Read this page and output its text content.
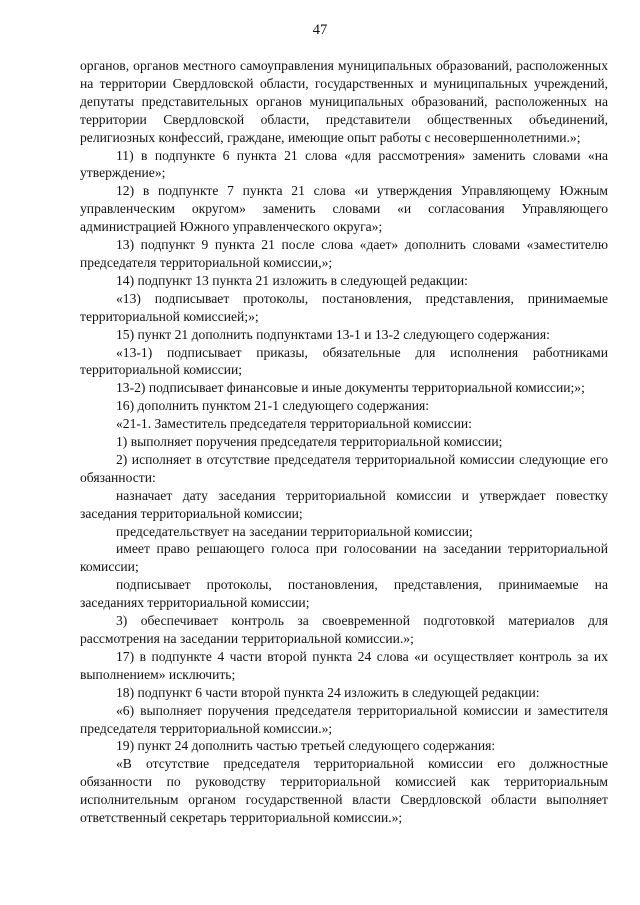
47

органов, органов местного самоуправления муниципальных образований, расположенных на территории Свердловской области, государственных и муниципальных учреждений, депутаты представительных органов муниципальных образований, расположенных на территории Свердловской области, представители общественных объединений, религиозных конфессий, граждане, имеющие опыт работы с несовершеннолетними.»;

11) в подпункте 6 пункта 21 слова «для рассмотрения» заменить словами «на утверждение»;

12) в подпункте 7 пункта 21 слова «и утверждения Управляющему Южным управленческим округом» заменить словами «и согласования Управляющего администрацией Южного управленческого округа»;

13) подпункт 9 пункта 21 после слова «дает» дополнить словами «заместителю председателя территориальной комиссии,»;

14) подпункт 13 пункта 21 изложить в следующей редакции:

«13) подписывает протоколы, постановления, представления, принимаемые территориальной комиссией;»;

15) пункт 21 дополнить подпунктами 13-1 и 13-2 следующего содержания:

«13-1) подписывает приказы, обязательные для исполнения работниками территориальной комиссии;

13-2) подписывает финансовые и иные документы территориальной комиссии;»;

16) дополнить пунктом 21-1 следующего содержания:

«21-1. Заместитель председателя территориальной комиссии:

1) выполняет поручения председателя территориальной комиссии;

2) исполняет в отсутствие председателя территориальной комиссии следующие его обязанности:

назначает дату заседания территориальной комиссии и утверждает повестку заседания территориальной комиссии;

председательствует на заседании территориальной комиссии;

имеет право решающего голоса при голосовании на заседании территориальной комиссии;

подписывает протоколы, постановления, представления, принимаемые на заседаниях территориальной комиссии;

3) обеспечивает контроль за своевременной подготовкой материалов для рассмотрения на заседании территориальной комиссии.»;

17) в подпункте 4 части второй пункта 24 слова «и осуществляет контроль за их выполнением» исключить;

18) подпункт 6 части второй пункта 24 изложить в следующей редакции:

«6) выполняет поручения председателя территориальной комиссии и заместителя председателя территориальной комиссии.»;

19) пункт 24 дополнить частью третьей следующего содержания:

«В отсутствие председателя территориальной комиссии его должностные обязанности по руководству территориальной комиссией как территориальным исполнительным органом государственной власти Свердловской области выполняет ответственный секретарь территориальной комиссии.»;
